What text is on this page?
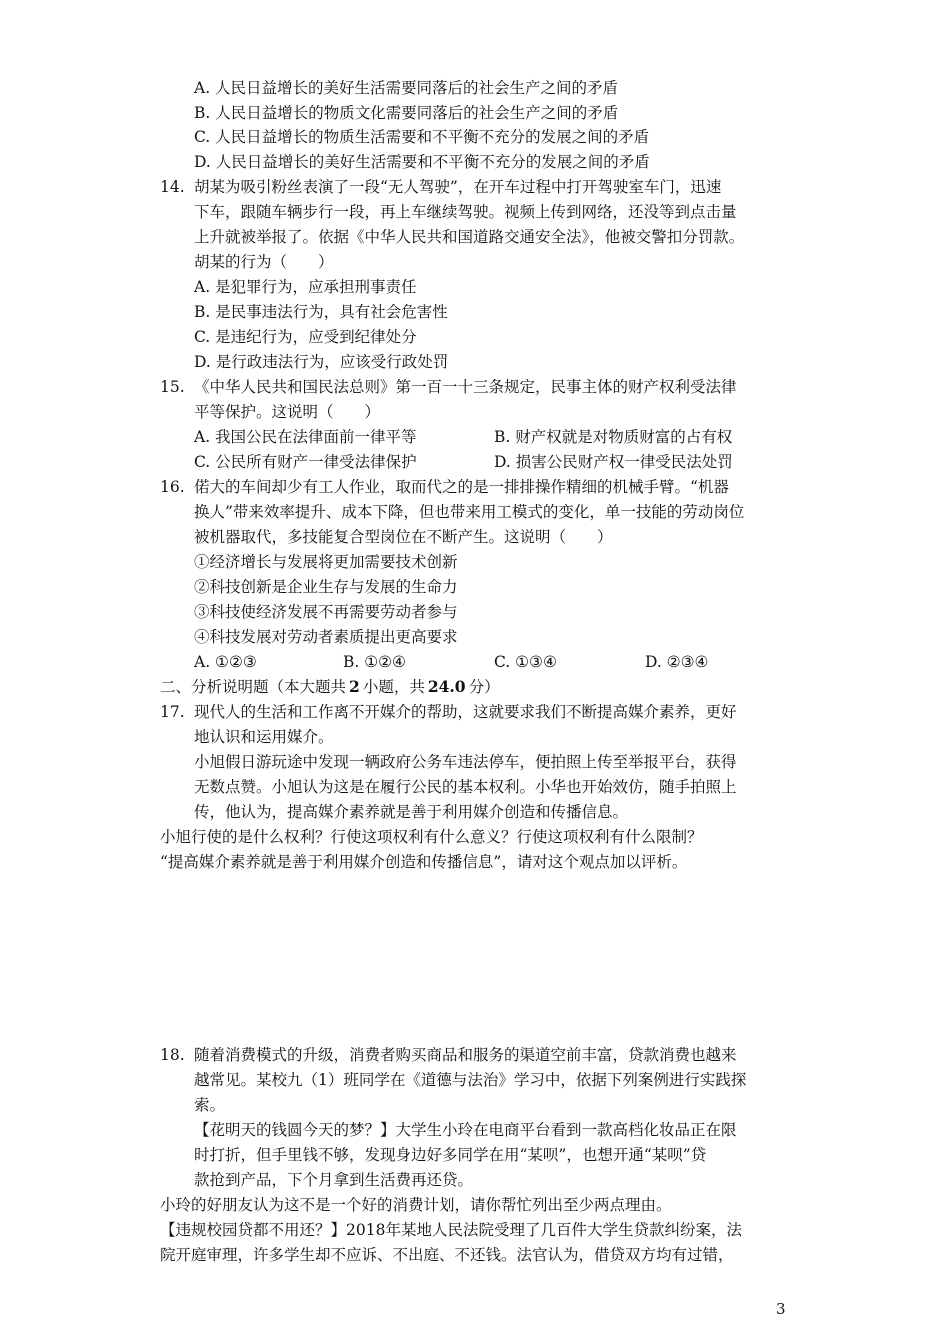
A. 人民日益增长的美好生活需要同落后的社会生产之间的矛盾
B. 人民日益增长的物质文化需要同落后的社会生产之间的矛盾
C. 人民日益增长的物质生活需要和不平衡不充分的发展之间的矛盾
D. 人民日益增长的美好生活需要和不平衡不充分的发展之间的矛盾
14. 胡某为吸引粉丝表演了一段“无人驾驶”，在开车过程中打开驾驶室车门，迅速
下车，跟随车辆步行一段，再上车继续驾驶。视频上传到网络，还没等到点击量
上升就被举报了。依据《中华人民共和国道路交通安全法》，他被交警扣分罚款。
胡某的行为（　　）
A. 是犯罪行为，应承担刑事责任
B. 是民事违法行为，具有社会危害性
C. 是违纪行为，应受到纪律处分
D. 是行政违法行为，应该受行政处罚
15. 《中华人民共和国民法总则》第一百一十三条规定，民事主体的财产权利受法律
平等保护。这说明（　　）
A. 我国公民在法律面前一律平等	B. 财产权就是对物质财富的占有权
C. 公民所有财产一律受法律保护	D. 损害公民财产权一律受民法处罚
16. 偌大的车间却少有工人作业，取而代之的是一排排操作精细的机械手臂。“机器
换人”带来效率提升、成本下降，但也带来用工模式的变化，单一技能的劳动岗位
被机器取代，多技能复合型岗位在不断产生。这说明（　　）
①经济增长与发展将更加需要技术创新
②科技创新是企业生存与发展的生命力
③科技使经济发展不再需要劳动者参与
④科技发展对劳动者素质提出更高要求
A. ①②③	B. ①②④	C. ①③④	D. ②③④
二、分析说明题（本大题共 2 小题，共 24.0 分）
17. 现代人的生活和工作离不开媒介的帮助，这就要求我们不断提高媒介素养，更好
地认识和运用媒介。
小旭假日游玩途中发现一辆政府公务车违法停车，便拍照上传至举报平台，获得
无数点赞。小旭认为这是在履行公民的基本权利。小华也开始效仿，随手拍照上
传，他认为，提高媒介素养就是善于利用媒介创造和传播信息。
小旭行使的是什么权利？行使这项权利有什么意义？行使这项权利有什么限制？
“提高媒介素养就是善于利用媒介创造和传播信息”，请对这个观点加以评析。
18. 随着消费模式的升级，消费者购买商品和服务的渠道空前丰富，贷款消费也越来
越常见。某校九（1）班同学在《道德与法治》学习中，依据下列案例进行实践探
索。
【花明天的钱圆今天的梦？】大学生小玲在电商平台看到一款高档化妆品正在限
时打折，但手里钱不够，发现身边好多同学在用“某呗”，也想开通“某呗”贷
款抢到产品，下个月拿到生活费再还贷。
小玲的好朋友认为这不是一个好的消费计划，请你帮忙列出至少两点理由。
【违规校园贷都不用还？】2018年某地人民法院受理了几百件大学生贷款纠纷案，法
院开庭审理，许多学生却不应诉、不出庭、不还钱。法官认为，借贷双方均有过错，
3
